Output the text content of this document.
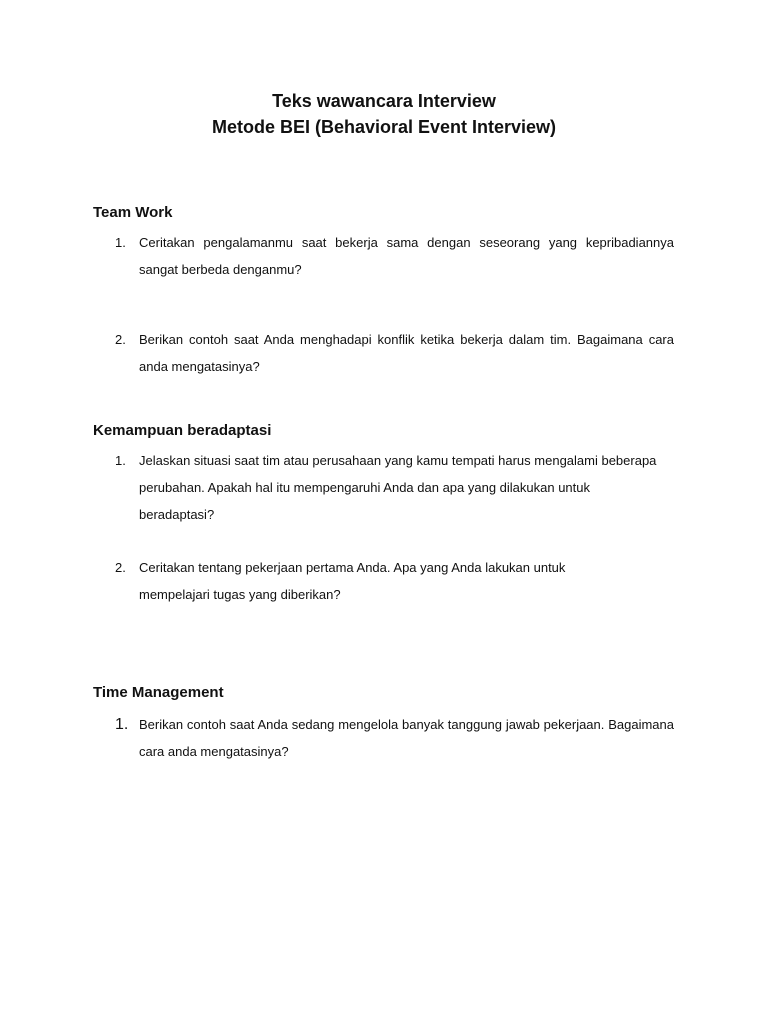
Teks wawancara Interview
Metode BEI (Behavioral Event Interview)
Team Work
1. Ceritakan pengalamanmu saat bekerja sama dengan seseorang yang kepribadiannya sangat berbeda denganmu?
2. Berikan contoh saat Anda menghadapi konflik ketika bekerja dalam tim. Bagaimana cara anda mengatasinya?
Kemampuan beradaptasi
1. Jelaskan situasi saat tim atau perusahaan yang kamu tempati harus mengalami beberapa perubahan. Apakah hal itu mempengaruhi Anda dan apa yang dilakukan untuk beradaptasi?
2. Ceritakan tentang pekerjaan pertama Anda. Apa yang Anda lakukan untuk mempelajari tugas yang diberikan?
Time Management
1. Berikan contoh saat Anda sedang mengelola banyak tanggung jawab pekerjaan. Bagaimana cara anda mengatasinya?
